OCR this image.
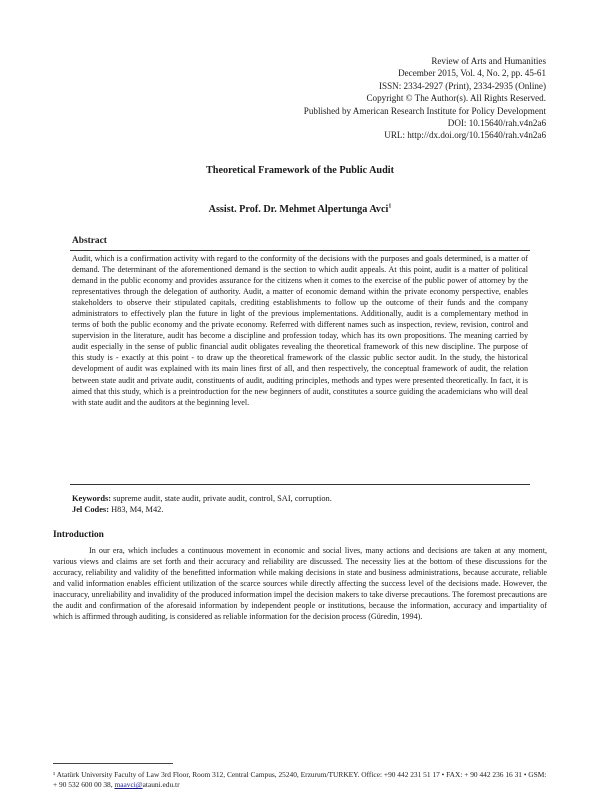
Review of Arts and Humanities
December 2015, Vol. 4, No. 2, pp. 45-61
ISSN: 2334-2927 (Print), 2334-2935 (Online)
Copyright © The Author(s). All Rights Reserved.
Published by American Research Institute for Policy Development
DOI: 10.15640/rah.v4n2a6
URL: http://dx.doi.org/10.15640/rah.v4n2a6
Theoretical Framework of the Public Audit
Assist. Prof. Dr. Mehmet Alpertunga Avci$^1$
Abstract
Audit, which is a confirmation activity with regard to the conformity of the decisions with the purposes and goals determined, is a matter of demand. The determinant of the aforementioned demand is the section to which audit appeals. At this point, audit is a matter of political demand in the public economy and provides assurance for the citizens when it comes to the exercise of the public power of attorney by the representatives through the delegation of authority. Audit, a matter of economic demand within the private economy perspective, enables stakeholders to observe their stipulated capitals, crediting establishments to follow up the outcome of their funds and the company administrators to effectively plan the future in light of the previous implementations. Additionally, audit is a complementary method in terms of both the public economy and the private economy. Referred with different names such as inspection, review, revision, control and supervision in the literature, audit has become a discipline and profession today, which has its own propositions. The meaning carried by audit especially in the sense of public financial audit obligates revealing the theoretical framework of this new discipline. The purpose of this study is - exactly at this point - to draw up the theoretical framework of the classic public sector audit. In the study, the historical development of audit was explained with its main lines first of all, and then respectively, the conceptual framework of audit, the relation between state audit and private audit, constituents of audit, auditing principles, methods and types were presented theoretically. In fact, it is aimed that this study, which is a preintroduction for the new beginners of audit, constitutes a source guiding the academicians who will deal with state audit and the auditors at the beginning level.
Keywords: supreme audit, state audit, private audit, control, SAI, corruption.
Jel Codes: H83, M4, M42.
Introduction
In our era, which includes a continuous movement in economic and social lives, many actions and decisions are taken at any moment, various views and claims are set forth and their accuracy and reliability are discussed. The necessity lies at the bottom of these discussions for the accuracy, reliability and validity of the benefitted information while making decisions in state and business administrations, because accurate, reliable and valid information enables efficient utilization of the scarce sources while directly affecting the success level of the decisions made. However, the inaccuracy, unreliability and invalidity of the produced information impel the decision makers to take diverse precautions. The foremost precautions are the audit and confirmation of the aforesaid information by independent people or institutions, because the information, accuracy and impartiality of which is affirmed through auditing, is considered as reliable information for the decision process (Güredin, 1994).
¹ Atatürk University Faculty of Law 3rd Floor, Room 312, Central Campus, 25240, Erzurum/TURKEY. Office: +90 442 231 51 17 • FAX: + 90 442 236 16 31 • GSM: + 90 532 600 00 38, maavci@atauni.edu.tr
